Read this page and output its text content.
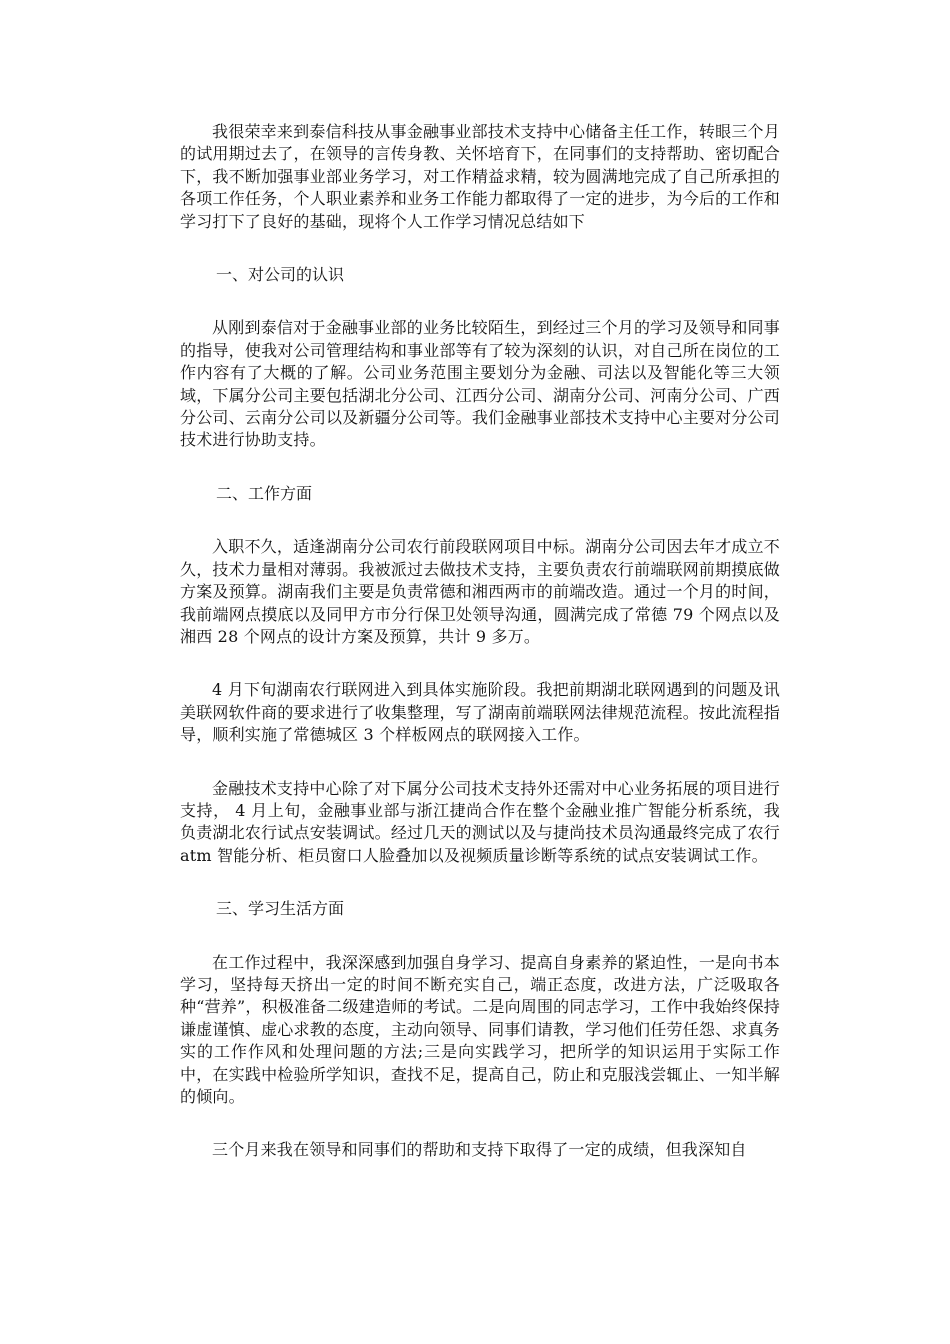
我很荣幸来到泰信科技从事金融事业部技术支持中心储备主任工作，转眼三个月的试用期过去了，在领导的言传身教、关怀培育下，在同事们的支持帮助、密切配合下，我不断加强事业部业务学习，对工作精益求精，较为圆满地完成了自己所承担的各项工作任务，个人职业素养和业务工作能力都取得了一定的进步，为今后的工作和学习打下了良好的基础，现将个人工作学习情况总结如下

一、对公司的认识

从刚到泰信对于金融事业部的业务比较陌生，到经过三个月的学习及领导和同事的指导，使我对公司管理结构和事业部等有了较为深刻的认识，对自己所在岗位的工作内容有了大概的了解。公司业务范围主要划分为金融、司法以及智能化等三大领域，下属分公司主要包括湖北分公司、江西分公司、湖南分公司、河南分公司、广西分公司、云南分公司以及新疆分公司等。我们金融事业部技术支持中心主要对分公司技术进行协助支持。

二、工作方面

入职不久，适逢湖南分公司农行前段联网项目中标。湖南分公司因去年才成立不久，技术力量相对薄弱。我被派过去做技术支持，主要负责农行前端联网前期摸底做方案及预算。湖南我们主要是负责常德和湘西两市的前端改造。通过一个月的时间，我前端网点摸底以及同甲方市分行保卫处领导沟通，圆满完成了常德 79 个网点以及湘西 28 个网点的设计方案及预算，共计 9 多万。

4 月下旬湖南农行联网进入到具体实施阶段。我把前期湖北联网遇到的问题及讯美联网软件商的要求进行了收集整理，写了湖南前端联网法律规范流程。按此流程指导，顺利实施了常德城区 3 个样板网点的联网接入工作。

金融技术支持中心除了对下属分公司技术支持外还需对中心业务拓展的项目进行支持， 4 月上旬，金融事业部与浙江捷尚合作在整个金融业推广智能分析系统，我负责湖北农行试点安装调试。经过几天的测试以及与捷尚技术员沟通最终完成了农行 atm 智能分析、柜员窗口人脸叠加以及视频质量诊断等系统的试点安装调试工作。

三、学习生活方面

在工作过程中，我深深感到加强自身学习、提高自身素养的紧迫性，一是向书本学习，坚持每天挤出一定的时间不断充实自己，端正态度，改进方法，广泛吸取各种“营养”，积极准备二级建造师的考试。二是向周围的同志学习，工作中我始终保持谦虚谨慎、虚心求教的态度，主动向领导、同事们请教，学习他们任劳任怨、求真务实的工作作风和处理问题的方法;三是向实践学习，把所学的知识运用于实际工作中，在实践中检验所学知识，查找不足，提高自己，防止和克服浅尝辄止、一知半解的倾向。

三个月来我在领导和同事们的帮助和支持下取得了一定的成绩，但我深知自
